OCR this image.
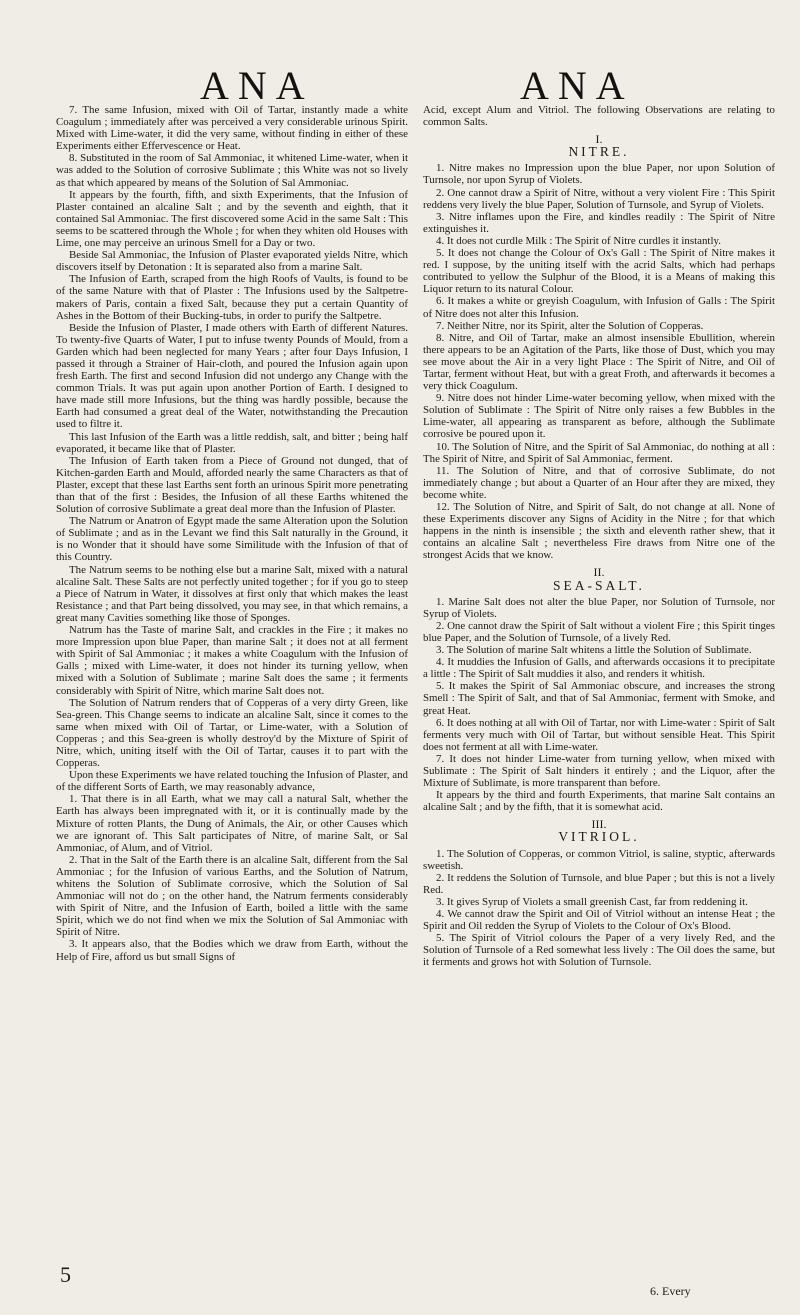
ANA	ANA

7. The same Infusion, mixed with Oil of Tartar, instantly made a white Coagulum ; immediately after was perceived a very considerable urinous Spirit. Mixed with Lime-water, it did the very same, without finding in either of these Experiments either Effervescence or Heat.

8. Substituted in the room of Sal Ammoniac, it whitened Lime-water, when it was added to the Solution of corrosive Sublimate ; this White was not so lively as that which appeared by means of the Solution of Sal Ammoniac.

It appears by the fourth, fifth, and sixth Experiments, that the Infusion of Plaster contained an alcaline Salt ; and by the seventh and eighth, that it contained Sal Ammoniac. The first discovered some Acid in the same Salt : This seems to be scattered through the Whole ; for when they whiten old Houses with Lime, one may perceive an urinous Smell for a Day or two.

Beside Sal Ammoniac, the Infusion of Plaster evaporated yields Nitre, which discovers itself by Detonation : It is separated also from a marine Salt.

The Infusion of Earth, scraped from the high Roofs of Vaults, is found to be of the same Nature with that of Plaster : The Infusions used by the Saltpetre-makers of Paris, contain a fixed Salt, because they put a certain Quantity of Ashes in the Bottom of their Bucking-tubs, in order to purify the Saltpetre.

Beside the Infusion of Plaster, I made others with Earth of different Natures. To twenty-five Quarts of Water, I put to infuse twenty Pounds of Mould, from a Garden which had been neglected for many Years ; after four Days Infusion, I passed it through a Strainer of Hair-cloth, and poured the Infusion again upon fresh Earth. The first and second Infusion did not undergo any Change with the common Trials. It was put again upon another Portion of Earth. I designed to have made still more Infusions, but the thing was hardly possible, because the Earth had consumed a great deal of the Water, notwithstanding the Precaution used to filtre it.

This last Infusion of the Earth was a little reddish, salt, and bitter ; being half evaporated, it became like that of Plaster.

The Infusion of Earth taken from a Piece of Ground not dunged, that of Kitchen-garden Earth and Mould, afforded nearly the same Characters as that of Plaster, except that these last Earths sent forth an urinous Spirit more penetrating than that of the first : Besides, the Infusion of all these Earths whitened the Solution of corrosive Sublimate a great deal more than the Infusion of Plaster.

The Natrum or Anatron of Egypt made the same Alteration upon the Solution of Sublimate ; and as in the Levant we find this Salt naturally in the Ground, it is no Wonder that it should have some Similitude with the Infusion of that of this Country.

The Natrum seems to be nothing else but a marine Salt, mixed with a natural alcaline Salt. These Salts are not perfectly united together ; for if you go to steep a Piece of Natrum in Water, it dissolves at first only that which makes the least Resistance ; and that Part being dissolved, you may see, in that which remains, a great many Cavities something like those of Sponges.

Natrum has the Taste of marine Salt, and crackles in the Fire ; it makes no more Impression upon blue Paper, than marine Salt ; it does not at all ferment with Spirit of Sal Ammoniac ; it makes a white Coagulum with the Infusion of Galls ; mixed with Lime-water, it does not hinder its turning yellow, when mixed with a Solution of Sublimate ; marine Salt does the same ; it ferments considerably with Spirit of Nitre, which marine Salt does not.

The Solution of Natrum renders that of Copperas of a very dirty Green, like Sea-green. This Change seems to indicate an alcaline Salt, since it comes to the same when mixed with Oil of Tartar, or Lime-water, with a Solution of Copperas ; and this Sea-green is wholly destroy'd by the Mixture of Spirit of Nitre, which, uniting itself with the Oil of Tartar, causes it to part with the Copperas.

Upon these Experiments we have related touching the Infusion of Plaster, and of the different Sorts of Earth, we may reasonably advance,

1. That there is in all Earth, what we may call a natural Salt, whether the Earth has always been impregnated with it, or it is continually made by the Mixture of rotten Plants, the Dung of Animals, the Air, or other Causes which we are ignorant of. This Salt participates of Nitre, of marine Salt, or Sal Ammoniac, of Alum, and of Vitriol.

2. That in the Salt of the Earth there is an alcaline Salt, different from the Sal Ammoniac ; for the Infusion of various Earths, and the Solution of Natrum, whitens the Solution of Sublimate corrosive, which the Solution of Sal Ammoniac will not do ; on the other hand, the Natrum ferments considerably with Spirit of Nitre, and the Infusion of Earth, boiled a little with the same Spirit, which we do not find when we mix the Solution of Sal Ammoniac with Spirit of Nitre.

3. It appears also, that the Bodies which we draw from Earth, without the Help of Fire, afford us but small Signs of

Acid, except Alum and Vitriol. The following Observations are relating to common Salts.

I.
NITRE.

1. Nitre makes no Impression upon the blue Paper, nor upon Solution of Turnsole, nor upon Syrup of Violets.

2. One cannot draw a Spirit of Nitre, without a very violent Fire : This Spirit reddens very lively the blue Paper, Solution of Turnsole, and Syrup of Violets.

3. Nitre inflames upon the Fire, and kindles readily : The Spirit of Nitre extinguishes it.

4. It does not curdle Milk : The Spirit of Nitre curdles it instantly.

5. It does not change the Colour of Ox's Gall : The Spirit of Nitre makes it red. I suppose, by the uniting itself with the acrid Salts, which had perhaps contributed to yellow the Sulphur of the Blood, it is a Means of making this Liquor return to its natural Colour.

6. It makes a white or greyish Coagulum, with Infusion of Galls : The Spirit of Nitre does not alter this Infusion.

7. Neither Nitre, nor its Spirit, alter the Solution of Copperas.

8. Nitre, and Oil of Tartar, make an almost insensible Ebullition, wherein there appears to be an Agitation of the Parts, like those of Dust, which you may see move about the Air in a very light Place : The Spirit of Nitre, and Oil of Tartar, ferment without Heat, but with a great Froth, and afterwards it becomes a very thick Coagulum.

9. Nitre does not hinder Lime-water becoming yellow, when mixed with the Solution of Sublimate : The Spirit of Nitre only raises a few Bubbles in the Lime-water, all appearing as transparent as before, although the Sublimate corrosive be poured upon it.

10. The Solution of Nitre, and the Spirit of Sal Ammoniac, do nothing at all : The Spirit of Nitre, and Spirit of Sal Ammoniac, ferment.

11. The Solution of Nitre, and that of corrosive Sublimate, do not immediately change ; but about a Quarter of an Hour after they are mixed, they become white.

12. The Solution of Nitre, and Spirit of Salt, do not change at all. None of these Experiments discover any Signs of Acidity in the Nitre ; for that which happens in the ninth is insensible ; the sixth and eleventh rather shew, that it contains an alcaline Salt ; nevertheless Fire draws from Nitre one of the strongest Acids that we know.

II.
SEA-SALT.

1. Marine Salt does not alter the blue Paper, nor Solution of Turnsole, nor Syrup of Violets.

2. One cannot draw the Spirit of Salt without a violent Fire ; this Spirit tinges blue Paper, and the Solution of Turnsole, of a lively Red.

3. The Solution of marine Salt whitens a little the Solution of Sublimate.

4. It muddies the Infusion of Galls, and afterwards occasions it to precipitate a little : The Spirit of Salt muddies it also, and renders it whitish.

5. It makes the Spirit of Sal Ammoniac obscure, and increases the strong Smell : The Spirit of Salt, and that of Sal Ammoniac, ferment with Smoke, and great Heat.

6. It does nothing at all with Oil of Tartar, nor with Lime-water : Spirit of Salt ferments very much with Oil of Tartar, but without sensible Heat. This Spirit does not ferment at all with Lime-water.

7. It does not hinder Lime-water from turning yellow, when mixed with Sublimate : The Spirit of Salt hinders it entirely ; and the Liquor, after the Mixture of Sublimate, is more transparent than before.

It appears by the third and fourth Experiments, that marine Salt contains an alcaline Salt ; and by the fifth, that it is somewhat acid.

III.
VITRIOL.

1. The Solution of Copperas, or common Vitriol, is saline, styptic, afterwards sweetish.

2. It reddens the Solution of Turnsole, and blue Paper ; but this is not a lively Red.

3. It gives Syrup of Violets a small greenish Cast, far from reddening it.

4. We cannot draw the Spirit and Oil of Vitriol without an intense Heat ; the Spirit and Oil redden the Syrup of Violets to the Colour of Ox's Blood.

5. The Spirit of Vitriol colours the Paper of a very lively Red, and the Solution of Turnsole of a Red somewhat less lively : The Oil does the same, but it ferments and grows hot with Solution of Turnsole.

5
6. Every
